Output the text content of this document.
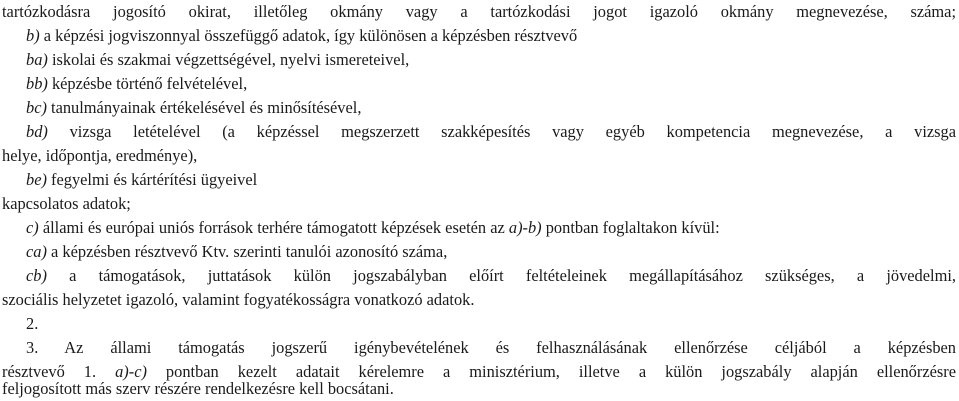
tartózkodásra jogosító okirat, illetőleg okmány vagy a tartózkodási jogot igazoló okmány megnevezése, száma;
b) a képzési jogviszonnyal összefüggő adatok, így különösen a képzésben résztvevő
ba) iskolai és szakmai végzettségével, nyelvi ismereteivel,
bb) képzésbe történő felvételével,
bc) tanulmányainak értékelésével és minősítésével,
bd) vizsga letételével (a képzéssel megszerzett szakképesítés vagy egyéb kompetencia megnevezése, a vizsga
helye, időpontja, eredménye),
be) fegyelmi és kártérítési ügyeivel
kapcsolatos adatok;
c) állami és európai uniós források terhére támogatott képzések esetén az a)-b) pontban foglaltakon kívül:
ca) a képzésben résztvevő Ktv. szerinti tanulói azonosító száma,
cb) a támogatások, juttatások külön jogszabályban előírt feltételeinek megállapításához szükséges, a jövedelmi,
szociális helyzetet igazoló, valamint fogyatékosságra vonatkozó adatok.
2.
3. Az állami támogatás jogszerű igénybevételének és felhasználásának ellenőrzése céljából a képzésben
résztvevő 1. a)-c) pontban kezelt adatait kérelemre a minisztérium, illetve a külön jogszabály alapján ellenőrzésre
feljogosított más szerv részére rendelkezésre kell bocsátani.
